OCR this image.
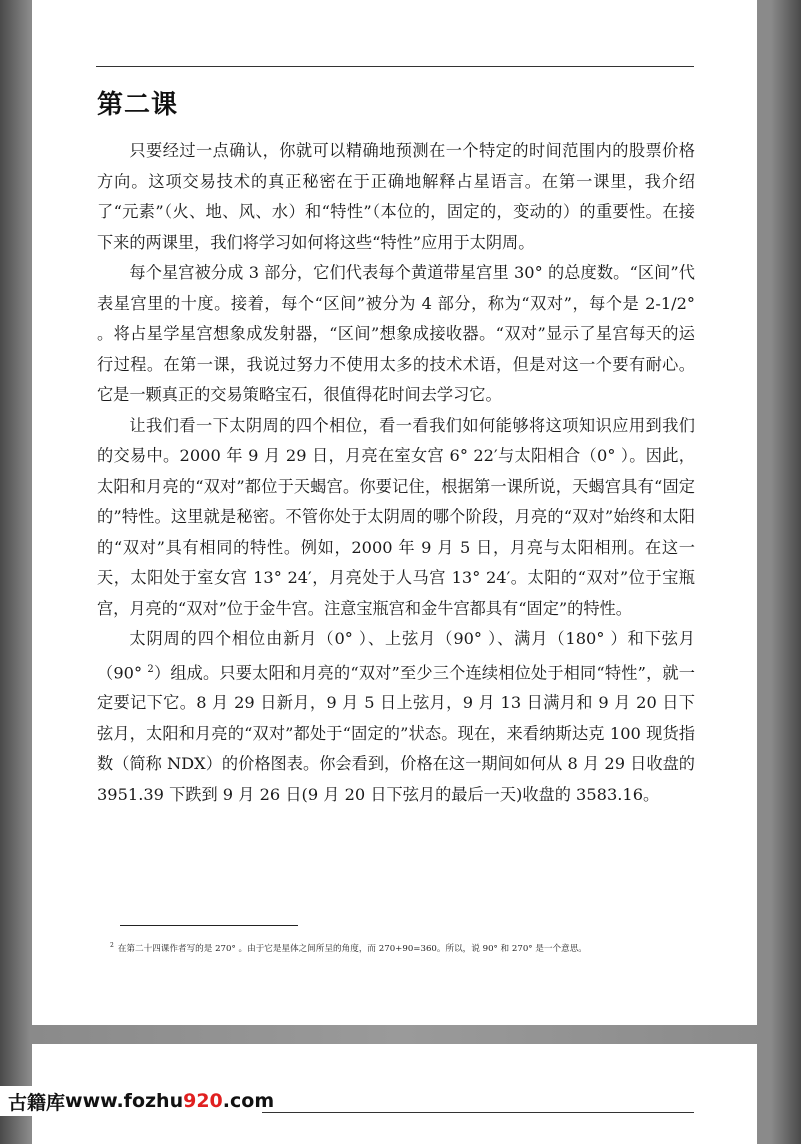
第二课

只要经过一点确认，你就可以精确地预测在一个特定的时间范围内的股票价格方向。这项交易技术的真正秘密在于正确地解释占星语言。在第一课里，我介绍了“元素”（火、地、风、水）和“特性”（本位的，固定的，变动的）的重要性。在接下来的两课里，我们将学习如何将这些“特性”应用于太阴周。

每个星宫被分成 3 部分，它们代表每个黄道带星宫里 30° 的总度数。“区间”代表星宫里的十度。接着，每个“区间”被分为 4 部分，称为“双对”，每个是 2-1/2° 。将占星学星宫想象成发射器，“区间”想象成接收器。“双对”显示了星宫每天的运行过程。在第一课，我说过努力不使用太多的技术术语，但是对这一个要有耐心。它是一颗真正的交易策略宝石，很值得花时间去学习它。

让我们看一下太阴周的四个相位，看一看我们如何能够将这项知识应用到我们的交易中。2000 年 9 月 29 日，月亮在室女宫 6° 22′与太阳相合（0° ）。因此，太阳和月亮的“双对”都位于天蝎宫。你要记住，根据第一课所说，天蝎宫具有“固定的”特性。这里就是秘密。不管你处于太阴周的哪个阶段，月亮的“双对”始终和太阳的“双对”具有相同的特性。例如，2000 年 9 月 5 日，月亮与太阳相刑。在这一天，太阳处于室女宫 13° 24′，月亮处于人马宫 13° 24′。太阳的“双对”位于宝瓶宫，月亮的“双对”位于金牛宫。注意宝瓶宫和金牛宫都具有“固定”的特性。

太阴周的四个相位由新月（0° ）、上弦月（90° ）、满月（180° ）和下弦月（90° $^2$）组成。只要太阳和月亮的“双对”至少三个连续相位处于相同“特性”，就一定要记下它。8 月 29 日新月，9 月 5 日上弦月，9 月 13 日满月和 9 月 20 日下弦月，太阳和月亮的“双对”都处于“固定的”状态。现在，来看纳斯达克 100 现货指数（简称 NDX）的价格图表。你会看到，价格在这一期间如何从 8 月 29 日收盘的 3951.39 下跌到 9 月 26 日(9 月 20 日下弦月的最后一天)收盘的 3583.16。

$^2$ 在第二十四课作者写的是 270° 。由于它是星体之间所呈的角度，而 270+90=360。所以，说 90° 和 270° 是一个意思。
古籍库 www.fozhu 920 .com
